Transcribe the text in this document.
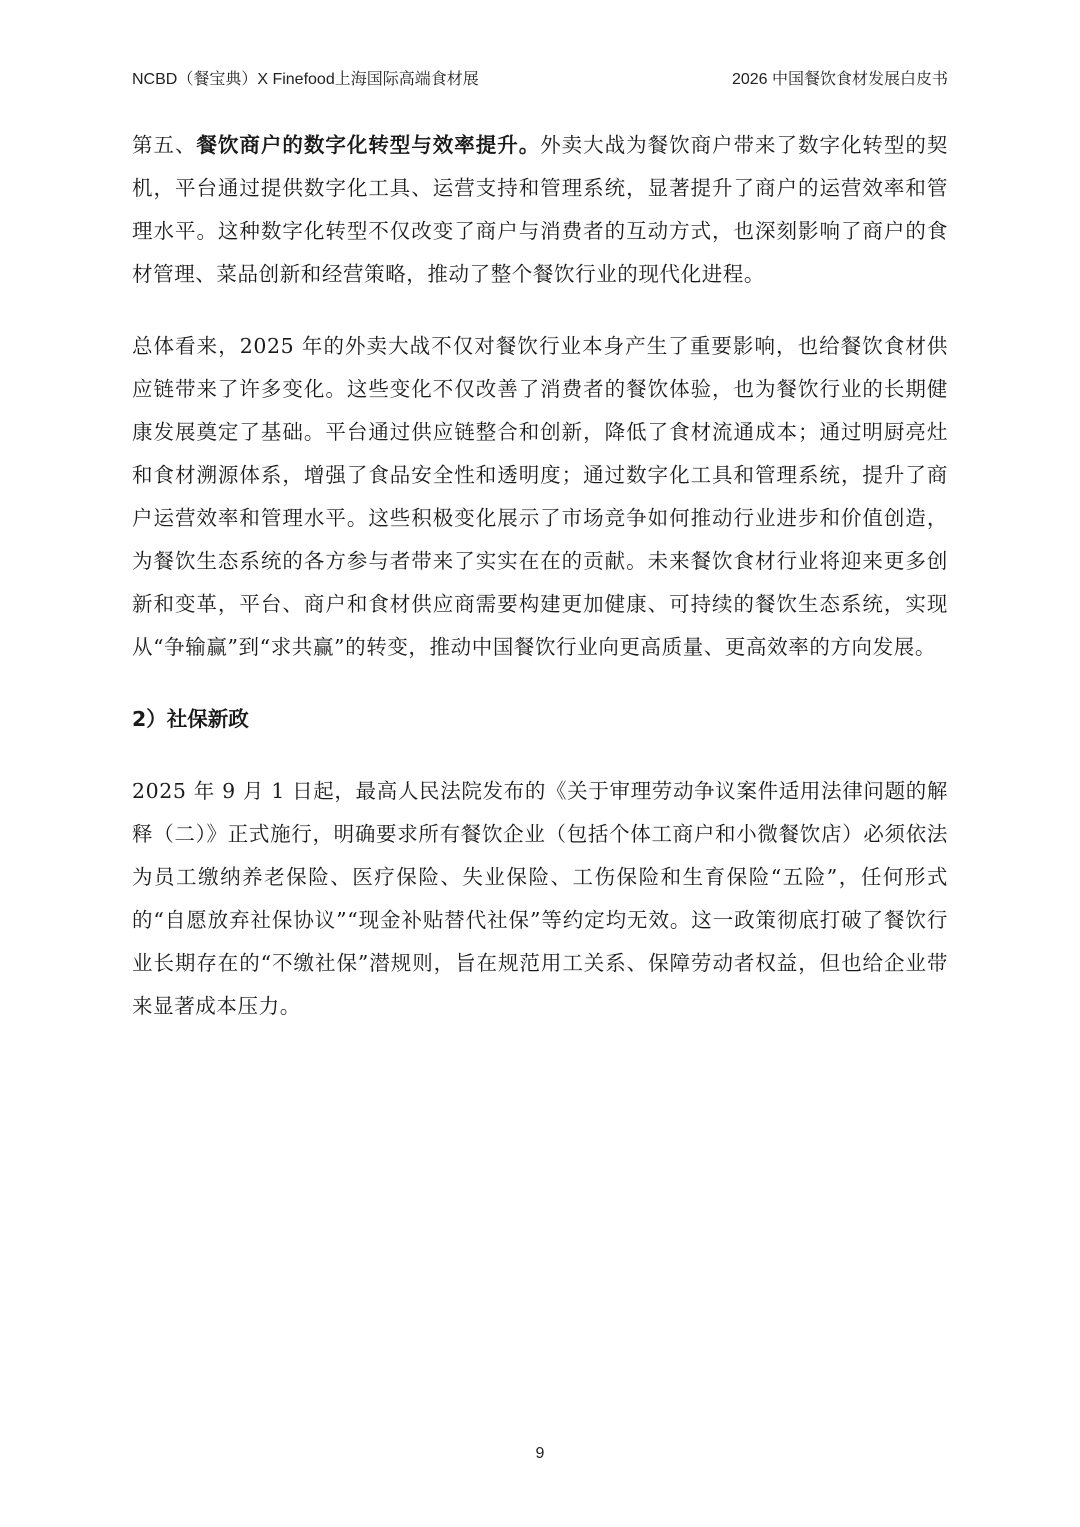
NCBD（餐宝典）X Finefood上海国际高端食材展	2026 中国餐饮食材发展白皮书

第五、餐饮商户的数字化转型与效率提升。外卖大战为餐饮商户带来了数字化转型的契机，平台通过提供数字化工具、运营支持和管理系统，显著提升了商户的运营效率和管理水平。这种数字化转型不仅改变了商户与消费者的互动方式，也深刻影响了商户的食材管理、菜品创新和经营策略，推动了整个餐饮行业的现代化进程。

总体看来，2025 年的外卖大战不仅对餐饮行业本身产生了重要影响，也给餐饮食材供应链带来了许多变化。这些变化不仅改善了消费者的餐饮体验，也为餐饮行业的长期健康发展奠定了基础。平台通过供应链整合和创新，降低了食材流通成本；通过明厨亮灶和食材溯源体系，增强了食品安全性和透明度；通过数字化工具和管理系统，提升了商户运营效率和管理水平。这些积极变化展示了市场竞争如何推动行业进步和价值创造，为餐饮生态系统的各方参与者带来了实实在在的贡献。未来餐饮食材行业将迎来更多创新和变革，平台、商户和食材供应商需要构建更加健康、可持续的餐饮生态系统，实现从“争输赢”到“求共赢”的转变，推动中国餐饮行业向更高质量、更高效率的方向发展。

2）社保新政

2025 年 9 月 1 日起，最高人民法院发布的《关于审理劳动争议案件适用法律问题的解释（二）》正式施行，明确要求所有餐饮企业（包括个体工商户和小微餐饮店）必须依法为员工缴纳养老保险、医疗保险、失业保险、工伤保险和生育保险“五险”，任何形式的“自愿放弃社保协议”“现金补贴替代社保”等约定均无效。这一政策彻底打破了餐饮行业长期存在的“不缴社保”潜规则，旨在规范用工关系、保障劳动者权益，但也给企业带来显著成本压力。

9
